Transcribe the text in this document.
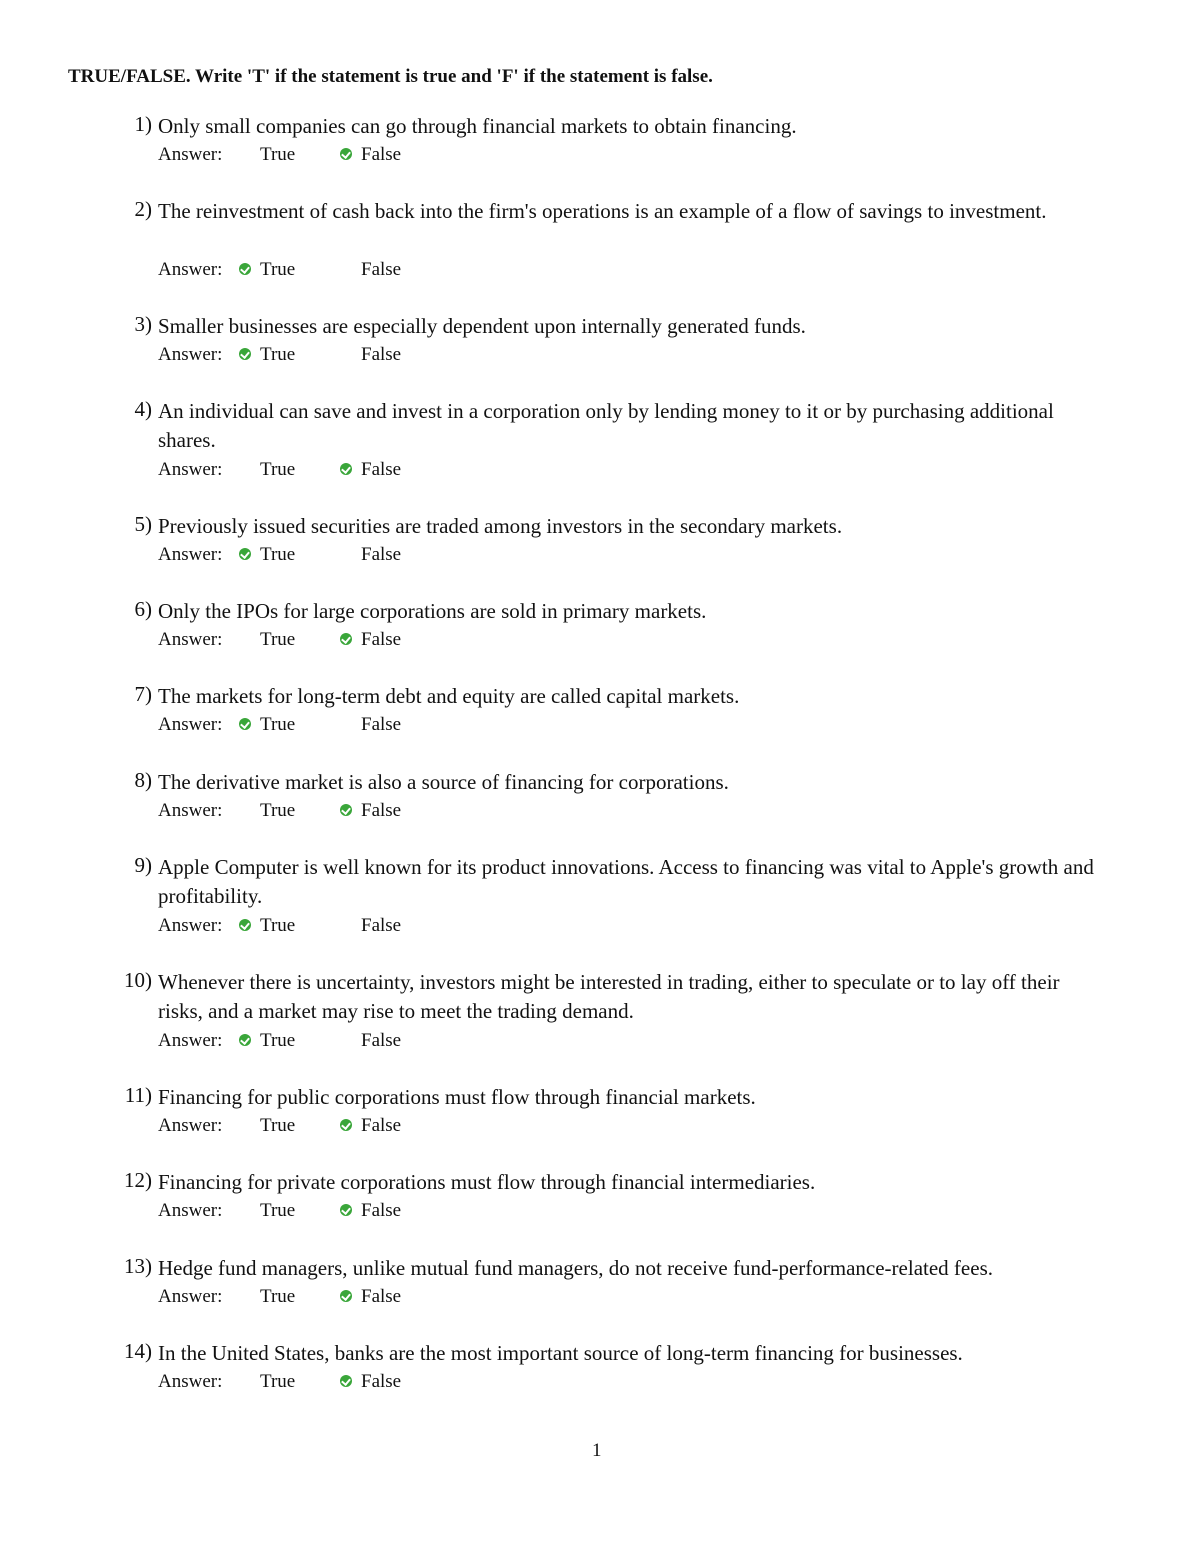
TRUE/FALSE. Write 'T' if the statement is true and 'F' if the statement is false.
1) Only small companies can go through financial markets to obtain financing.
Answer: True	False
2) The reinvestment of cash back into the firm's operations is an example of a flow of savings to investment.
Answer: True	False
3) Smaller businesses are especially dependent upon internally generated funds.
Answer: True	False
4) An individual can save and invest in a corporation only by lending money to it or by purchasing additional shares.
Answer: True	False
5) Previously issued securities are traded among investors in the secondary markets.
Answer: True	False
6) Only the IPOs for large corporations are sold in primary markets.
Answer: True	False
7) The markets for long-term debt and equity are called capital markets.
Answer: True	False
8) The derivative market is also a source of financing for corporations.
Answer: True	False
9) Apple Computer is well known for its product innovations. Access to financing was vital to Apple's growth and profitability.
Answer: True	False
10) Whenever there is uncertainty, investors might be interested in trading, either to speculate or to lay off their risks, and a market may rise to meet the trading demand.
Answer: True	False
11) Financing for public corporations must flow through financial markets.
Answer: True	False
12) Financing for private corporations must flow through financial intermediaries.
Answer: True	False
13) Hedge fund managers, unlike mutual fund managers, do not receive fund-performance-related fees.
Answer: True	False
14) In the United States, banks are the most important source of long-term financing for businesses.
Answer: True	False
1
